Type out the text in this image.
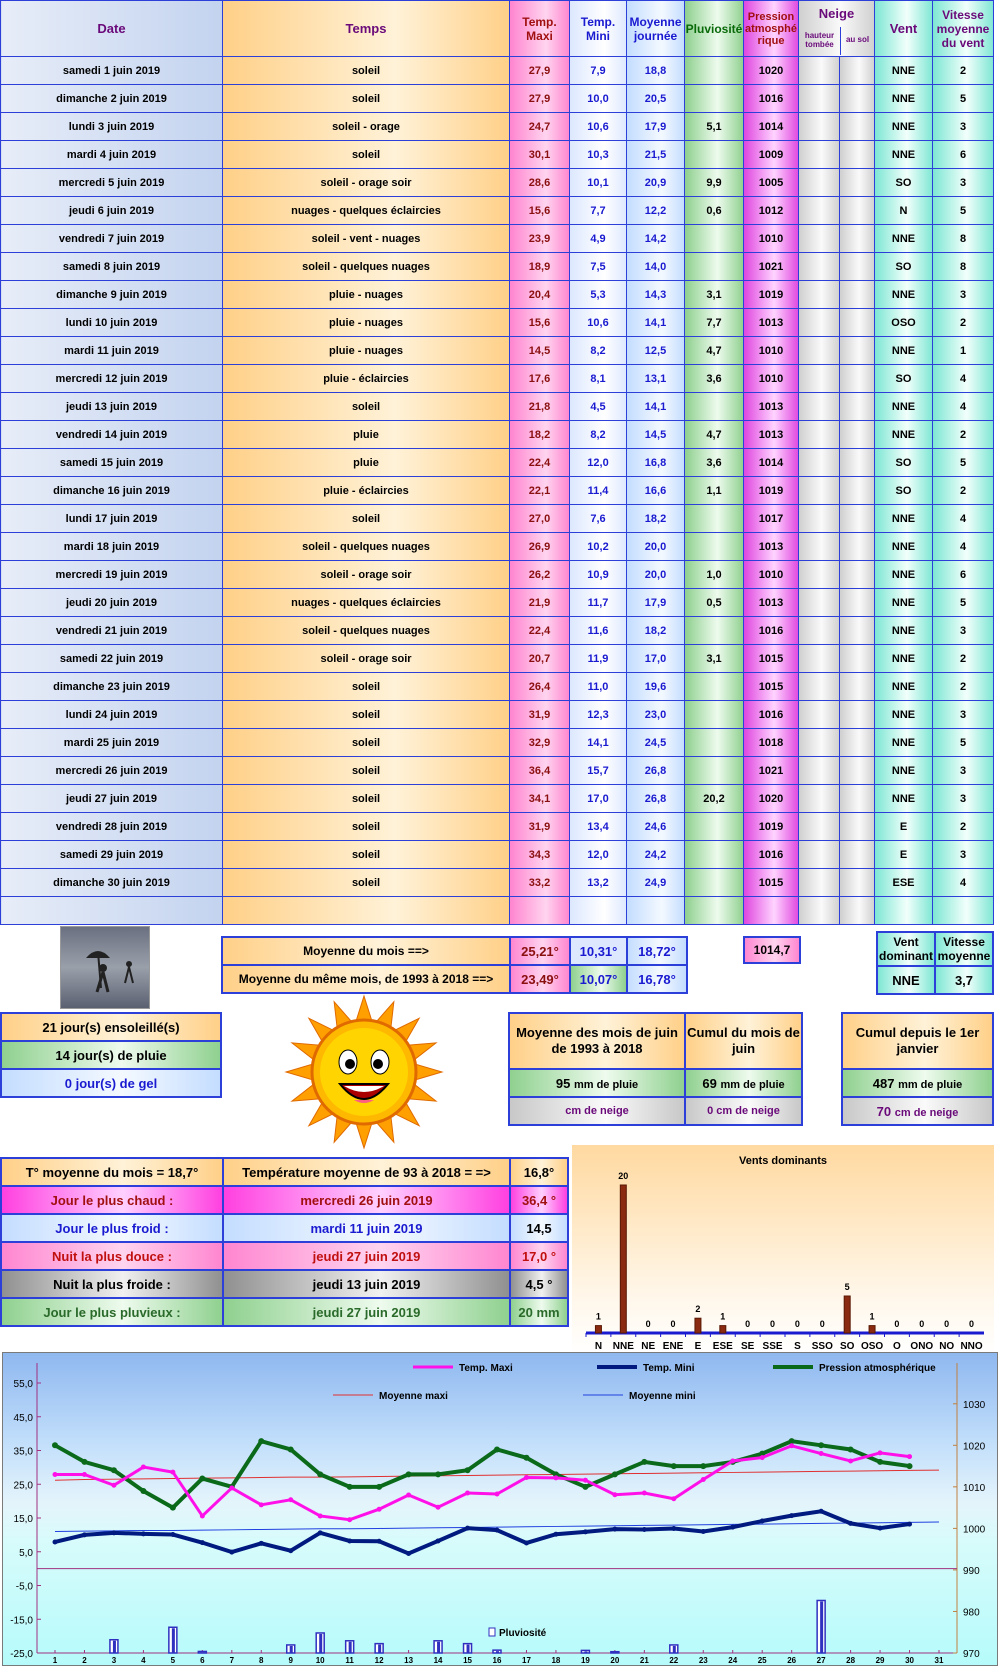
Date	Temps	Temp. Maxi	Temp. Mini	Moyenne journée	Pluviosité	Pression atmosphérique	Neige
hauteur tombée
au sol		Vent	Vitesse moyenne du vent
samedi 1 juin 2019	soleil	27,9	7,9	18,8		1020			NNE	2
dimanche 2 juin 2019	soleil	27,9	10,0	20,5		1016			NNE	5
lundi 3 juin 2019	soleil - orage	24,7	10,6	17,9	5,1	1014			NNE	3
mardi 4 juin 2019	soleil	30,1	10,3	21,5		1009			NNE	6
mercredi 5 juin 2019	soleil - orage soir	28,6	10,1	20,9	9,9	1005			SO	3
jeudi 6 juin 2019	nuages - quelques éclaircies	15,6	7,7	12,2	0,6	1012			N	5
vendredi 7 juin 2019	soleil - vent - nuages	23,9	4,9	14,2		1010			NNE	8
samedi 8 juin 2019	soleil - quelques nuages	18,9	7,5	14,0		1021			SO	8
dimanche 9 juin 2019	pluie - nuages	20,4	5,3	14,3	3,1	1019			NNE	3
lundi 10 juin 2019	pluie - nuages	15,6	10,6	14,1	7,7	1013			OSO	2
mardi 11 juin 2019	pluie - nuages	14,5	8,2	12,5	4,7	1010			NNE	1
mercredi 12 juin 2019	pluie - éclaircies	17,6	8,1	13,1	3,6	1010			SO	4
jeudi 13 juin 2019	soleil	21,8	4,5	14,1		1013			NNE	4
vendredi 14 juin 2019	pluie	18,2	8,2	14,5	4,7	1013			NNE	2
samedi 15 juin 2019	pluie	22,4	12,0	16,8	3,6	1014			SO	5
dimanche 16 juin 2019	pluie - éclaircies	22,1	11,4	16,6	1,1	1019			SO	2
lundi 17 juin 2019	soleil	27,0	7,6	18,2		1017			NNE	4
mardi 18 juin 2019	soleil - quelques nuages	26,9	10,2	20,0		1013			NNE	4
mercredi 19 juin 2019	soleil - orage soir	26,2	10,9	20,0	1,0	1010			NNE	6
jeudi 20 juin 2019	nuages - quelques éclaircies	21,9	11,7	17,9	0,5	1013			NNE	5
vendredi 21 juin 2019	soleil - quelques nuages	22,4	11,6	18,2		1016			NNE	3
samedi 22 juin 2019	soleil - orage soir	20,7	11,9	17,0	3,1	1015			NNE	2
dimanche 23 juin 2019	soleil	26,4	11,0	19,6		1015			NNE	2
lundi 24 juin 2019	soleil	31,9	12,3	23,0		1016			NNE	3
mardi 25 juin 2019	soleil	32,9	14,1	24,5		1018			NNE	5
mercredi 26 juin 2019	soleil	36,4	15,7	26,8		1021			NNE	3
jeudi 27 juin 2019	soleil	34,1	17,0	26,8	20,2	1020			NNE	3
vendredi 28 juin 2019	soleil	31,9	13,4	24,6		1019			E	2
samedi 29 juin 2019	soleil	34,3	12,0	24,2		1016			E	3
dimanche 30 juin 2019	soleil	33,2	13,2	24,9		1015			ESE	4

Moyenne du mois ==>	25,21°	10,31°	18,72°
Moyenne du même mois, de 1993 à 2018 ==>	23,49°	10,07°	16,78°
1014,7
Vent dominant	Vitesse moyenne
NNE	3,7
21 jour(s) ensoleillé(s)
14 jour(s) de pluie
0 jour(s) de gel
Moyenne des mois de juin de 1993 à 2018	Cumul du mois de juin
95 mm de pluie	69 mm de pluie
cm de neige	0 cm de neige
Cumul depuis le 1er janvier
487 mm de pluie
70 cm de neige
T° moyenne du mois = 18,7°	Température moyenne de 93 à 2018 = =>	16,8°
Jour le plus chaud :	mercredi 26 juin 2019	36,4 °
Jour le plus froid :	mardi 11 juin 2019	14,5
Nuit la plus douce :	jeudi 27 juin 2019	17,0 °
Nuit la plus froide :	jeudi 13 juin 2019	4,5 °
Jour le plus pluvieux :	jeudi 27 juin 2019	20 mm
Vents dominants
1
N
20
NNE
0
NE
0
ENE
2
E
1
ESE
0
SE
0
SSE
0
S
0
SSO
5
SO
1
OSO
0
O
0
ONO
0
NO
0
NNO
55,0
45,0
35,0
25,0
15,0
5,0
-5,0
-15,0
-25,0
1030
1020
1010
1000
990
980
970
1	2	3	4	5	6	7	8	9	10	11	12	13	14	15	16	17	18	19	20	21	22	23	24	25	26	27	28	29	30	31
Temp. Maxi	Temp. Mini	Pression atmosphérique
Moyenne maxi	Moyenne mini
Pluviosité
